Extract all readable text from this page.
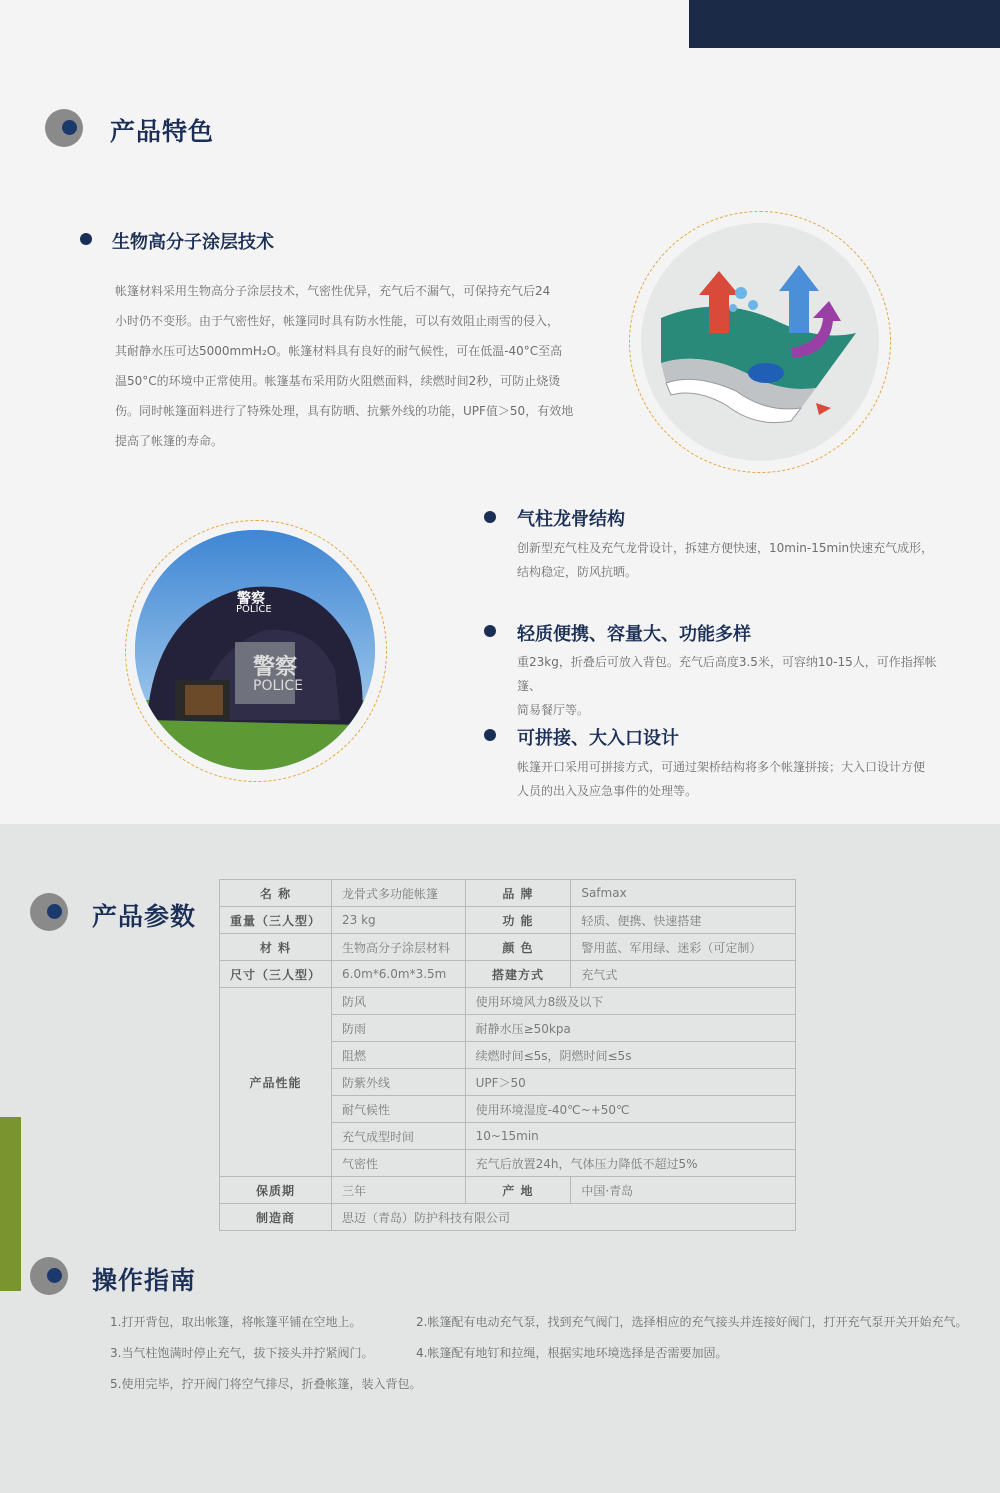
产品特色
生物高分子涂层技术
帐篷材料采用生物高分子涂层技术，气密性优异，充气后不漏气，可保持充气后24
小时仍不变形。由于气密性好，帐篷同时具有防水性能，可以有效阻止雨雪的侵入，
其耐静水压可达5000mmH₂O。帐篷材料具有良好的耐气候性，可在低温-40°C至高
温50°C的环境中正常使用。帐篷基布采用防火阻燃面料，续燃时间2秒，可防止烧烫
伤。同时帐篷面料进行了特殊处理，具有防晒、抗紫外线的功能，UPF值＞50，有效地
提高了帐篷的寿命。
警察
POLICE
警察
POLICE
气柱龙骨结构
创新型充气柱及充气龙骨设计，拆建方便快速，10min-15min快速充气成形，
结构稳定，防风抗晒。
轻质便携、容量大、功能多样
重23kg，折叠后可放入背包。充气后高度3.5米，可容纳10-15人，可作指挥帐篷、
简易餐厅等。
可拼接、大入口设计
帐篷开口采用可拼接方式，可通过架桥结构将多个帐篷拼接；大入口设计方便
人员的出入及应急事件的处理等。
产品参数
名 称	龙骨式多功能帐篷	品 牌	Safmax
重量（三人型）	23 kg	功 能	轻质、便携、快速搭建
材 料	生物高分子涂层材料	颜 色	警用蓝、军用绿、迷彩（可定制）
尺寸（三人型）	6.0m*6.0m*3.5m	搭建方式	充气式
产品性能	防风	使用环境风力8级及以下	
	防雨	耐静水压≥50kpa	
	阻燃	续燃时间≤5s，阴燃时间≤5s	
	防紫外线	UPF＞50	
	耐气候性	使用环境湿度-40℃~+50℃	
	充气成型时间	10~15min	
	气密性	充气后放置24h，气体压力降低不超过5%	
保质期	三年	产 地	中国·青岛
制造商	思迈（青岛）防护科技有限公司		
操作指南
1.打开背包，取出帐篷，将帐篷平铺在空地上。	2.帐篷配有电动充气泵，找到充气阀门，选择相应的充气接头并连接好阀门，打开充气泵开关开始充气。
3.当气柱饱满时停止充气，拔下接头并拧紧阀门。	4.帐篷配有地钉和拉绳，根据实地环境选择是否需要加固。
5.使用完毕，拧开阀门将空气排尽，折叠帐篷，装入背包。
